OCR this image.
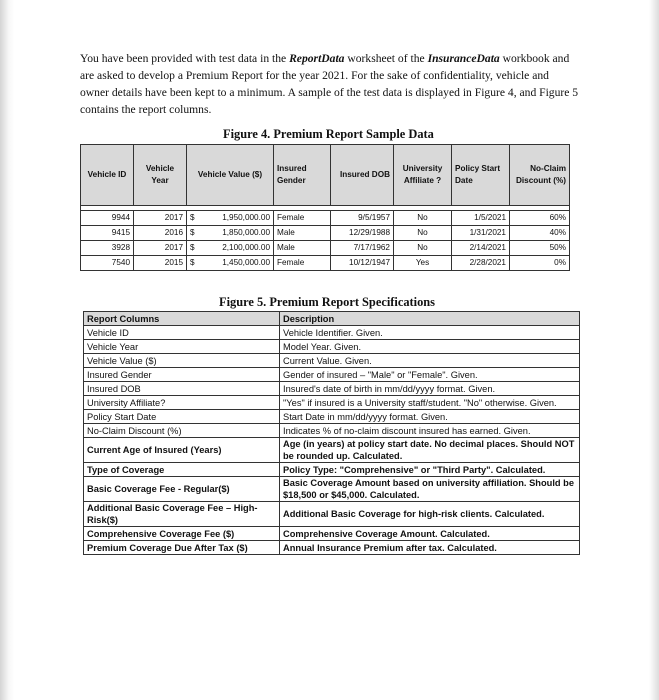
You have been provided with test data in the ReportData worksheet of the InsuranceData workbook and are asked to develop a Premium Report for the year 2021. For the sake of confidentiality, vehicle and owner details have been kept to a minimum. A sample of the test data is displayed in Figure 4, and Figure 5 contains the report columns.

Figure 4. Premium Report Sample Data
Vehicle ID	Vehicle Year	Vehicle Value ($)	Insured Gender	Insured DOB	University Affiliate ?	Policy Start Date	No-Claim Discount (%)

9944	2017	$ 1,950,000.00	Female	9/5/1957	No	1/5/2021	60%
9415	2016	$ 1,850,000.00	Male	12/29/1988	No	1/31/2021	40%
3928	2017	$ 2,100,000.00	Male	7/17/1962	No	2/14/2021	50%
7540	2015	$ 1,450,000.00	Female	10/12/1947	Yes	2/28/2021	0%
Figure 5. Premium Report Specifications
Report Columns	Description
Vehicle ID	Vehicle Identifier. Given.
Vehicle Year	Model Year. Given.
Vehicle Value ($)	Current Value. Given.
Insured Gender	Gender of insured – "Male" or "Female". Given.
Insured DOB	Insured's date of birth in mm/dd/yyyy format. Given.
University Affiliate?	"Yes" if insured is a University staff/student. "No" otherwise. Given.
Policy Start Date	Start Date in mm/dd/yyyy format. Given.
No-Claim Discount (%)	Indicates % of no-claim discount insured has earned. Given.
Current Age of Insured (Years)	Age (in years) at policy start date. No decimal places. Should NOT be rounded up. Calculated.
Type of Coverage	Policy Type: "Comprehensive" or "Third Party". Calculated.
Basic Coverage Fee - Regular($)	Basic Coverage Amount based on university affiliation. Should be $18,500 or $45,000. Calculated.
Additional Basic Coverage Fee – High-Risk($)	Additional Basic Coverage for high-risk clients. Calculated.
Comprehensive Coverage Fee ($)	Comprehensive Coverage Amount. Calculated.
Premium Coverage Due After Tax ($)	Annual Insurance Premium after tax. Calculated.
